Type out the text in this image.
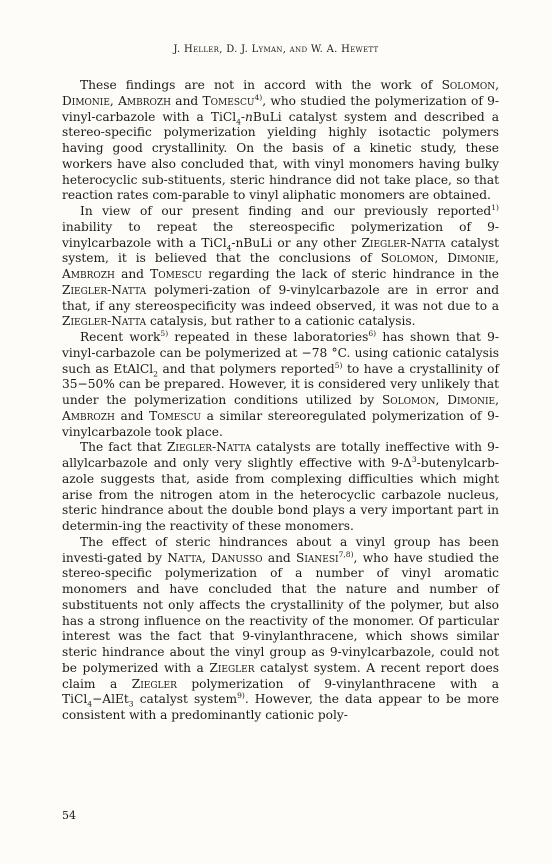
J. Heller, D. J. Lyman, and W. A. Hewett

These findings are not in accord with the work of Solomon, Dimonie, Ambrozh and Tomescu$^{4)}$, who studied the polymerization of 9-vinyl-carbazole with a TiCl$_4$-nBuLi catalyst system and described a stereo-specific polymerization yielding highly isotactic polymers having good crystallinity. On the basis of a kinetic study, these workers have also concluded that, with vinyl monomers having bulky heterocyclic sub-stituents, steric hindrance did not take place, so that reaction rates com-parable to vinyl aliphatic monomers are obtained.

In view of our present finding and our previously reported$^{1)}$ inability to repeat the stereospecific polymerization of 9-vinylcarbazole with a TiCl$_4$-nBuLi or any other Ziegler-Natta catalyst system, it is believed that the conclusions of Solomon, Dimonie, Ambrozh and Tomescu regarding the lack of steric hindrance in the Ziegler-Natta polymeri-zation of 9-vinylcarbazole are in error and that, if any stereospecificity was indeed observed, it was not due to a Ziegler-Natta catalysis, but rather to a cationic catalysis.

Recent work$^{5)}$ repeated in these laboratories$^{6)}$ has shown that 9-vinyl-carbazole can be polymerized at −78 °C. using cationic catalysis such as EtAlCl$_2$ and that polymers reported$^{5)}$ to have a crystallinity of 35−50% can be prepared. However, it is considered very unlikely that under the polymerization conditions utilized by Solomon, Dimonie, Ambrozh and Tomescu a similar stereoregulated polymerization of 9-vinylcarbazole took place.

The fact that Ziegler-Natta catalysts are totally ineffective with 9-allylcarbazole and only very slightly effective with $9-\Delta^3-butenylcarb$-azole suggests that, aside from complexing difficulties which might arise from the nitrogen atom in the heterocyclic carbazole nucleus, steric hindrance about the double bond plays a very important part in determin-ing the reactivity of these monomers.

The effect of steric hindrances about a vinyl group has been investi-gated by Natta, Danusso and Sianesi$^{7,8)}$, who have studied the stereo-specific polymerization of a number of vinyl aromatic monomers and have concluded that the nature and number of substituents not only affects the crystallinity of the polymer, but also has a strong influence on the reactivity of the monomer. Of particular interest was the fact that 9-vinylanthracene, which shows similar steric hindrance about the vinyl group as 9-vinylcarbazole, could not be polymerized with a Ziegler catalyst system. A recent report does claim a Ziegler polymerization of 9-vinylanthracene with a TiCl$_4$−AlEt$_3$ catalyst system$^{9)}$. However, the data appear to be more consistent with a predominantly cationic poly-

54
